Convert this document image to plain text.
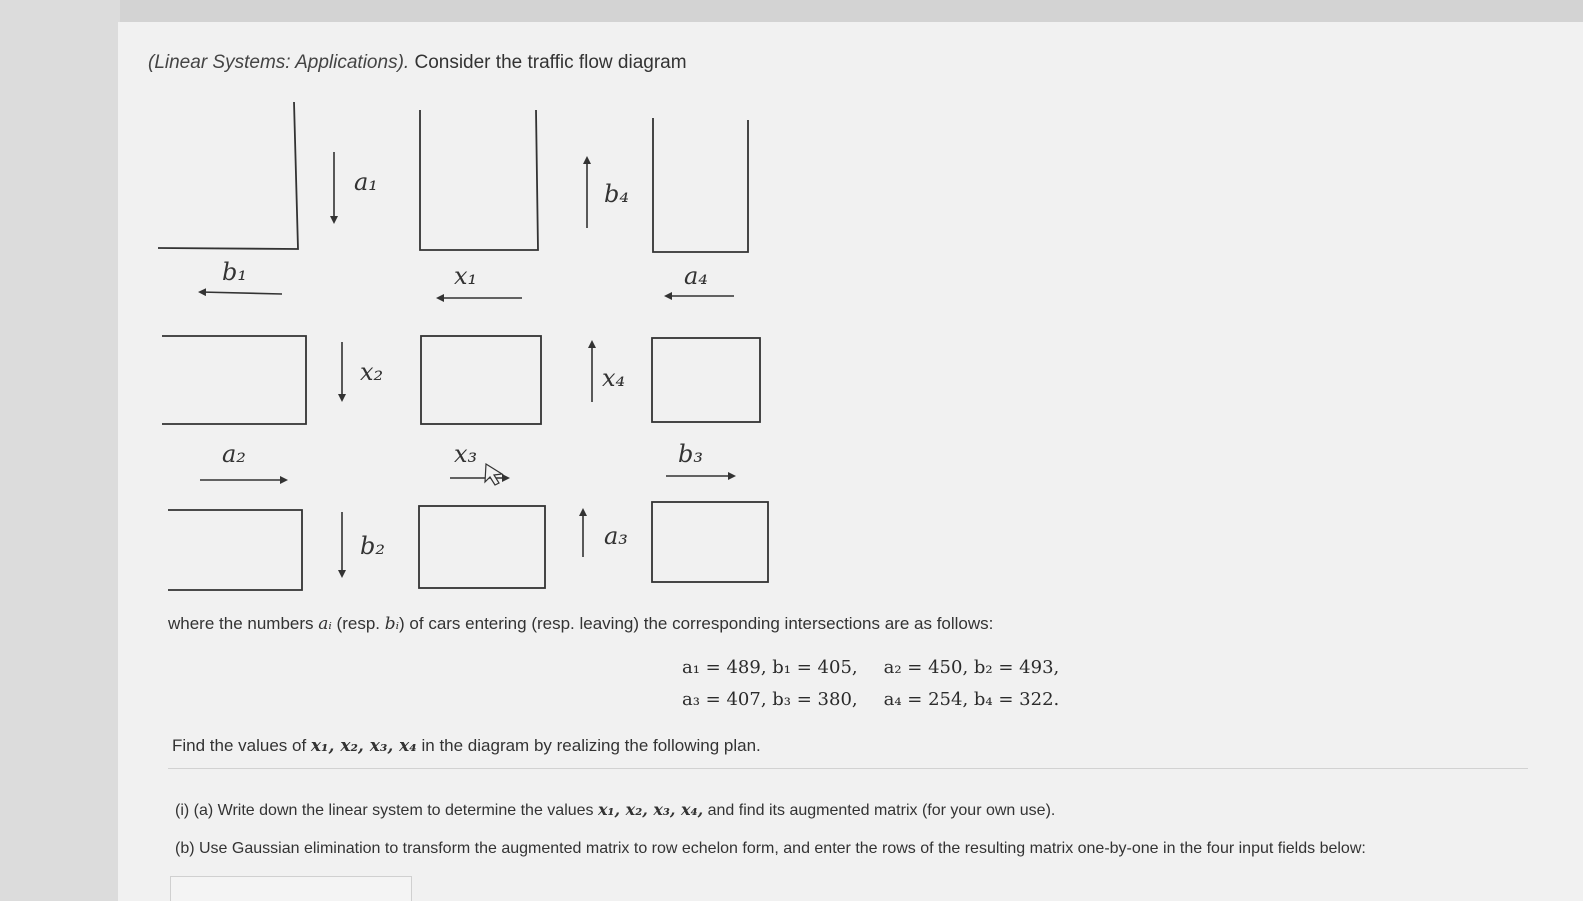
(Linear Systems: Applications). Consider the traffic flow diagram
a₁	b₄
b₁	x₁	a₄
x₂	x₄
a₂	x₃	b₃
b₂	a₃
where the numbers aᵢ (resp. bᵢ) of cars entering (resp. leaving) the corresponding intersections are as follows:
a₁ = 489, b₁ = 405, a₂ = 450, b₂ = 493,
a₃ = 407, b₃ = 380, a₄ = 254, b₄ = 322.
Find the values of x₁, x₂, x₃, x₄ in the diagram by realizing the following plan.
(i) (a) Write down the linear system to determine the values x₁, x₂, x₃, x₄, and find its augmented matrix (for your own use).
(b) Use Gaussian elimination to transform the augmented matrix to row echelon form, and enter the rows of the resulting matrix one-by-one in the four input fields below:
